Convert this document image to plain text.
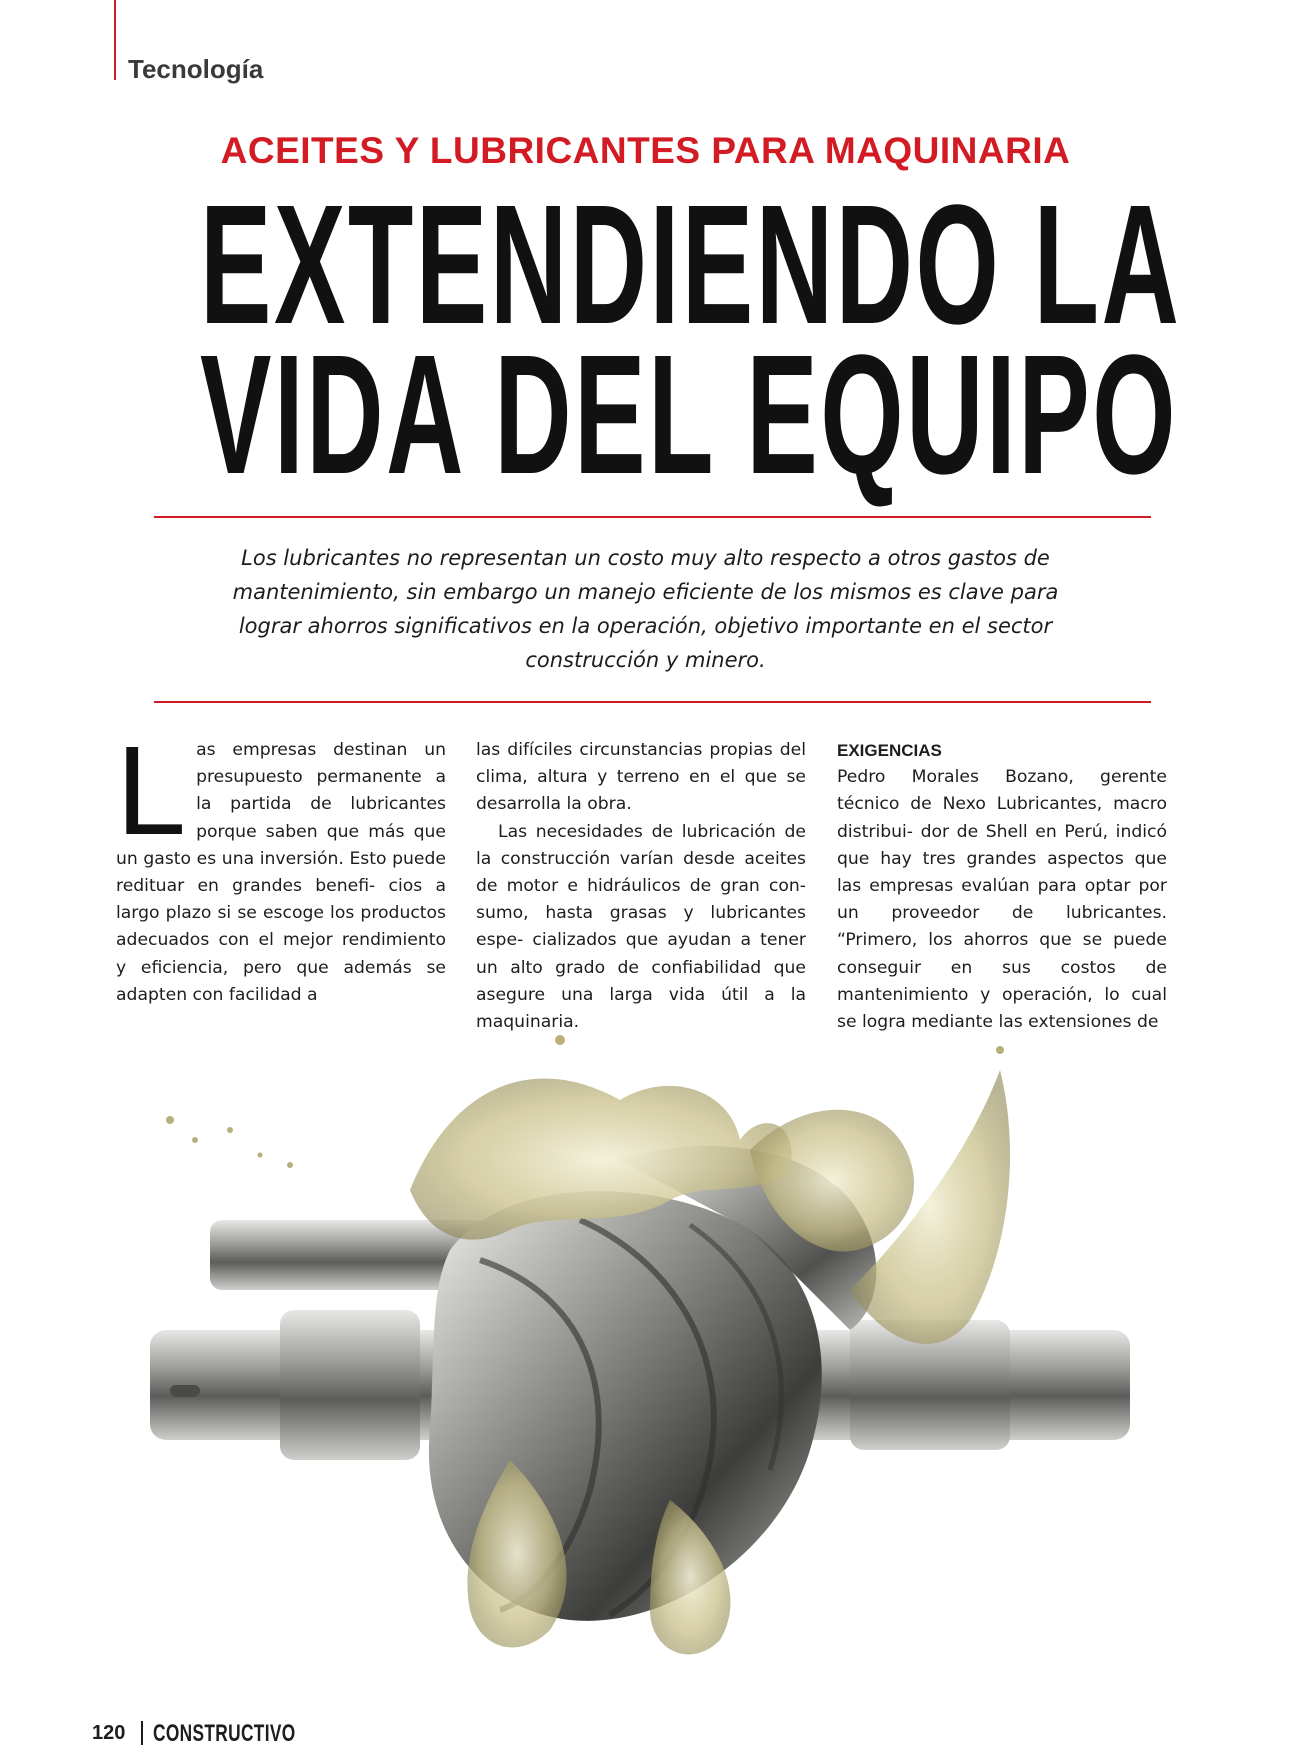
Tecnología
ACEITES Y LUBRICANTES PARA MAQUINARIA
EXTENDIENDO LA
VIDA DEL EQUIPO
Los lubricantes no representan un costo muy alto respecto a otros gastos de mantenimiento, sin embargo un manejo eficiente de los mismos es clave para lograr ahorros significativos en la operación, objetivo importante en el sector construcción y minero.

Las empresas destinan un presupuesto permanente a la partida de lubricantes porque saben que más que un gasto es una inversión. Esto puede redituar en grandes benefi- cios a largo plazo si se escoge los productos adecuados con el mejor rendimiento y eficiencia, pero que además se adapten con facilidad a

las difíciles circunstancias propias del clima, altura y terreno en el que se desarrolla la obra.

Las necesidades de lubricación de la construcción varían desde aceites de motor e hidráulicos de gran con- sumo, hasta grasas y lubricantes espe- cializados que ayudan a tener un alto grado de confiabilidad que asegure una larga vida útil a la maquinaria.

EXIGENCIAS

Pedro Morales Bozano, gerente técnico de Nexo Lubricantes, macro distribui- dor de Shell en Perú, indicó que hay tres grandes aspectos que las empresas evalúan para optar por un proveedor de lubricantes. “Primero, los ahorros que se puede conseguir en sus costos de mantenimiento y operación, lo cual se logra mediante las extensiones de

120 CONSTRUCTIVO
